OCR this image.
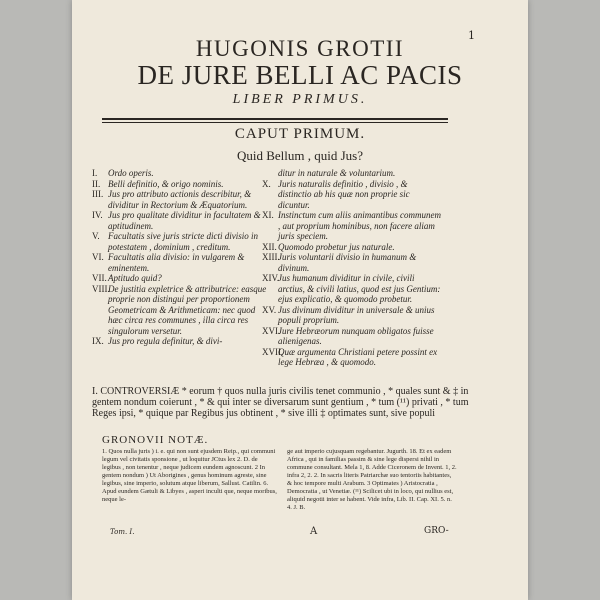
1
HUGONIS GROTII
DE JURE BELLI AC PACIS
LIBER PRIMUS.
CAPUT PRIMUM.
Quid Bellum , quid Jus?
I.	Ordo operis.
II. Belli definitio, & origo nominis.
III. Jus pro attributo actionis describitur, & dividitur in Rectorium & Æquatorium.
IV. Jus pro qualitate dividitur in facultatem & aptitudinem.
V. Facultatis sive juris stricte dicti divisio in potestatem , dominium , creditum.
VI. Facultatis alia divisio: in vulgarem & eminentem.
VII. Aptitudo quid?
VIII.
De justitia expletrice & attributrice: easque proprie non distingui per proportionem Geometricam & Arithmeticam: nec quod hæc circa res communes , illa circa res singulorum versetur.
IX. Jus pro regula definitur, & divi-
ditur in naturale & voluntarium.
X. Juris naturalis definitio , divisio , & distinctio ab his quæ non proprie sic dicuntur.
XI. Instinctum cum aliis animantibus communem , aut proprium hominibus, non facere aliam juris speciem.
XII. Quomodo probetur jus naturale.
XIII.
Juris voluntarii divisio in humanum & divinum.
XIV.
Jus humanum dividitur in civile, civili arctius, & civili latius, quod est jus Gentium: ejus explicatio, & quomodo probetur.
XV. Jus divinum dividitur in universale & unius populi proprium.
XVI.
Jure Hebræorum nunquam obligatos fuisse alienigenas.
XVII.
Quæ argumenta Christiani petere possint ex lege Hebræa , & quomodo.
I. CONTROVERSIÆ * eorum † quos nulla juris civilis tenet communio , * quales sunt & ‡ in gentem nondum coierunt , * & qui inter se diversarum sunt gentium , * tum (¹¹) privati , * tum Reges ipsi, * quique par Regibus jus obtinent , * sive illi ‡ optimates sunt, sive populi
GRONOVII NOTÆ.
1. Quos nulla juris ) i. e. qui non sunt ejusdem Reip., qui communi legum vel civitatis sponsione , ut loquitur JCtus lex 2. D. de legibus , non tenentur , neque judicem eundem agnoscunt. 2 In gentem nondum ) Ut Aborigines , genus hominum agreste, sine legibus, sine imperio, solutum atque liberum, Sallust. Catilin. 6. Apud eundem Gætuli & Libyes , asperi inculti que, neque moribus, neque le-
ge aut imperio cujusquam regebantur. Jugurth. 18. Et ex eadem Africa , qui in familias passim & sine lege dispersi nihil in commune consultant. Mela 1, 8. Adde Ciceronem de Invent. 1, 2. infra 2, 2. 2. In sacris literis Patriarchæ suo tentoriis habitantes, & hoc tempore multi Arabum. 3 Optimates ) Aristocratia , Democratia , ut Venetiæ. (¹¹) Scilicet ubi in loco, qui nullius est, aliquid negotii inter se habent. Vide infra, Lib. II. Cap. XI. 5. n. 4. J. B.
Tom. I.	A	GRO-
